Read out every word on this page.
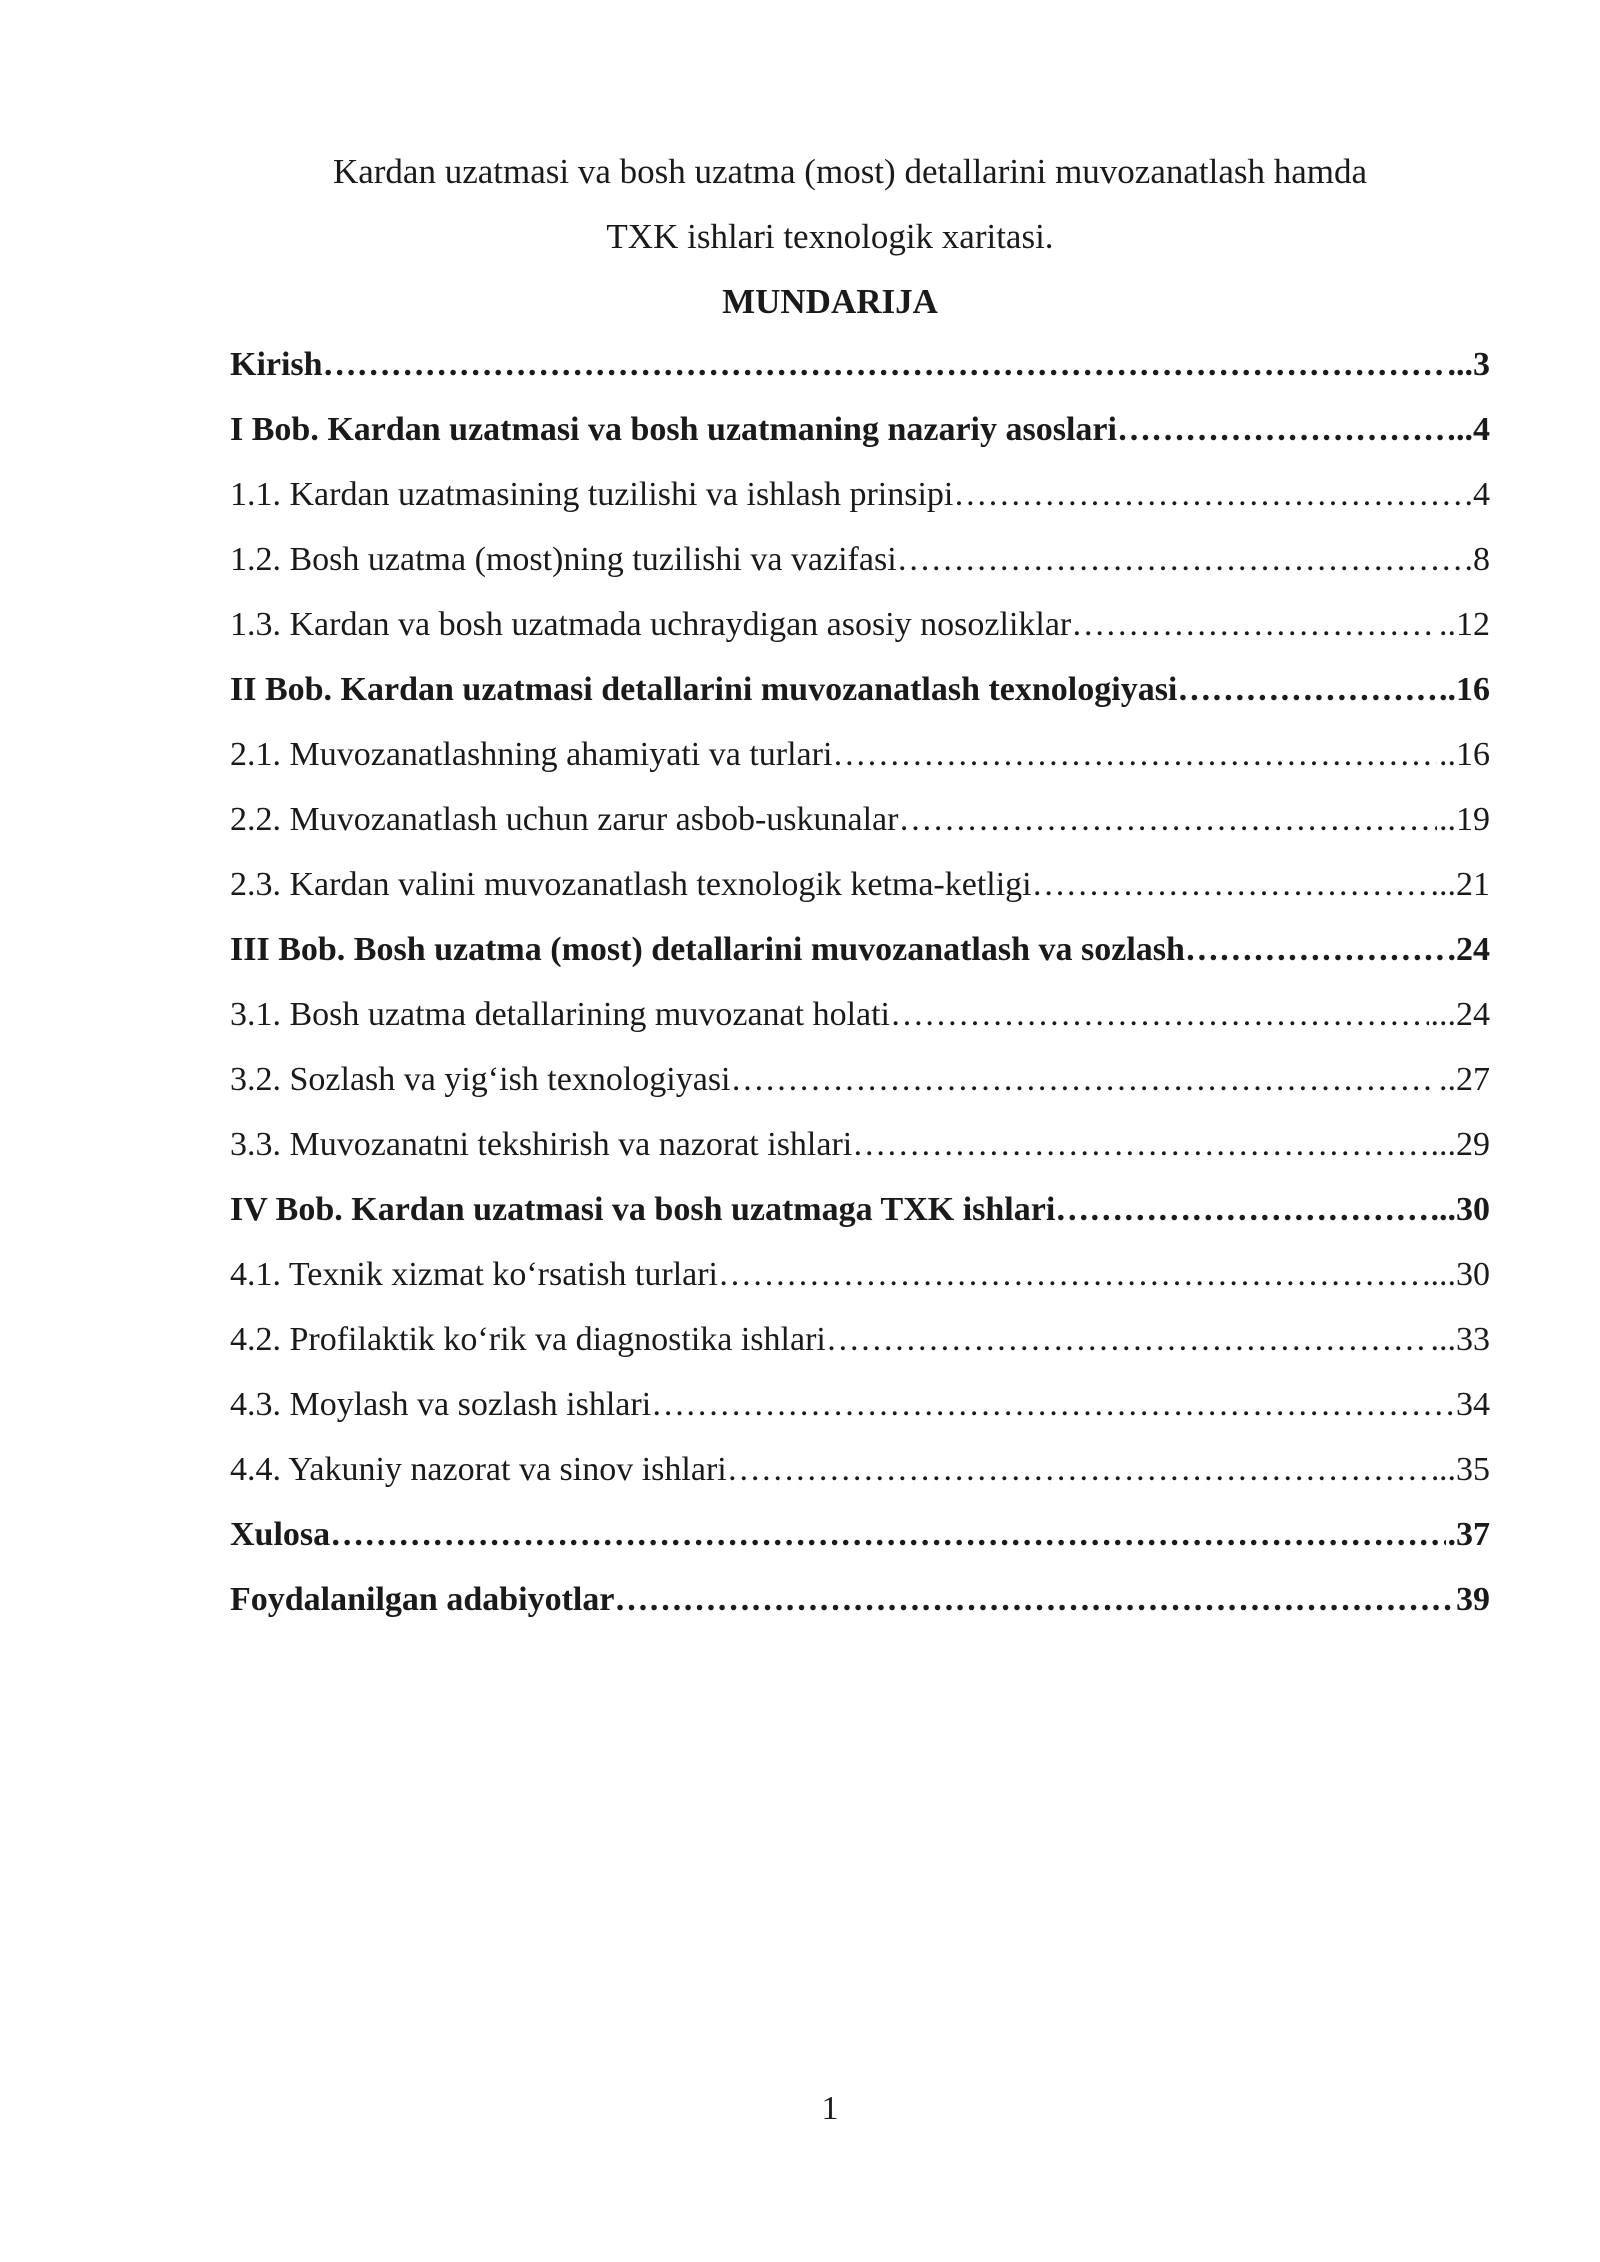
Kardan uzatmasi va bosh uzatma (most) detallarini muvozanatlash hamda
TXK ishlari texnologik xaritasi.
MUNDARIJA
Kirish ……………………………………………………………………………………………………………………………………	...3
I Bob. Kardan uzatmasi va bosh uzatmaning nazariy asoslari ……………………………………………………………………………………………………………………………………	..4
1.1. Kardan uzatmasining tuzilishi va ishlash prinsipi ……………………………………………………………………………………………………………………………………	.4
1.2. Bosh uzatma (most)ning tuzilishi va vazifasi ……………………………………………………………………………………………………………………………………	.8
1.3. Kardan va bosh uzatmada uchraydigan asosiy nosozliklar ……………………………………………………………………………………………………………………………………	..12
II Bob. Kardan uzatmasi detallarini muvozanatlash texnologiyasi ……………………………………………………………………………………………………………………………………	..16
2.1. Muvozanatlashning ahamiyati va turlari ……………………………………………………………………………………………………………………………………	..16
2.2. Muvozanatlash uchun zarur asbob-uskunalar ……………………………………………………………………………………………………………………………………	..19
2.3. Kardan valini muvozanatlash texnologik ketma-ketligi ……………………………………………………………………………………………………………………………………	...21
III Bob. Bosh uzatma (most) detallarini muvozanatlash va sozlash ……………………………………………………………………………………………………………………………………	.24
3.1. Bosh uzatma detallarining muvozanat holati ……………………………………………………………………………………………………………………………………	...24
3.2. Sozlash va yig‘ish texnologiyasi ……………………………………………………………………………………………………………………………………	..27
3.3. Muvozanatni tekshirish va nazorat ishlari ……………………………………………………………………………………………………………………………………	...29
IV Bob. Kardan uzatmasi va bosh uzatmaga TXK ishlari ……………………………………………………………………………………………………………………………………	...30
4.1. Texnik xizmat ko‘rsatish turlari ……………………………………………………………………………………………………………………………………	...30
4.2. Profilaktik ko‘rik va diagnostika ishlari ……………………………………………………………………………………………………………………………………	...33
4.3. Moylash va sozlash ishlari ……………………………………………………………………………………………………………………………………	34
4.4. Yakuniy nazorat va sinov ishlari ……………………………………………………………………………………………………………………………………	..35
Xulosa ……………………………………………………………………………………………………………………………………	.37
Foydalanilgan adabiyotlar ……………………………………………………………………………………………………………………………………	39
1
